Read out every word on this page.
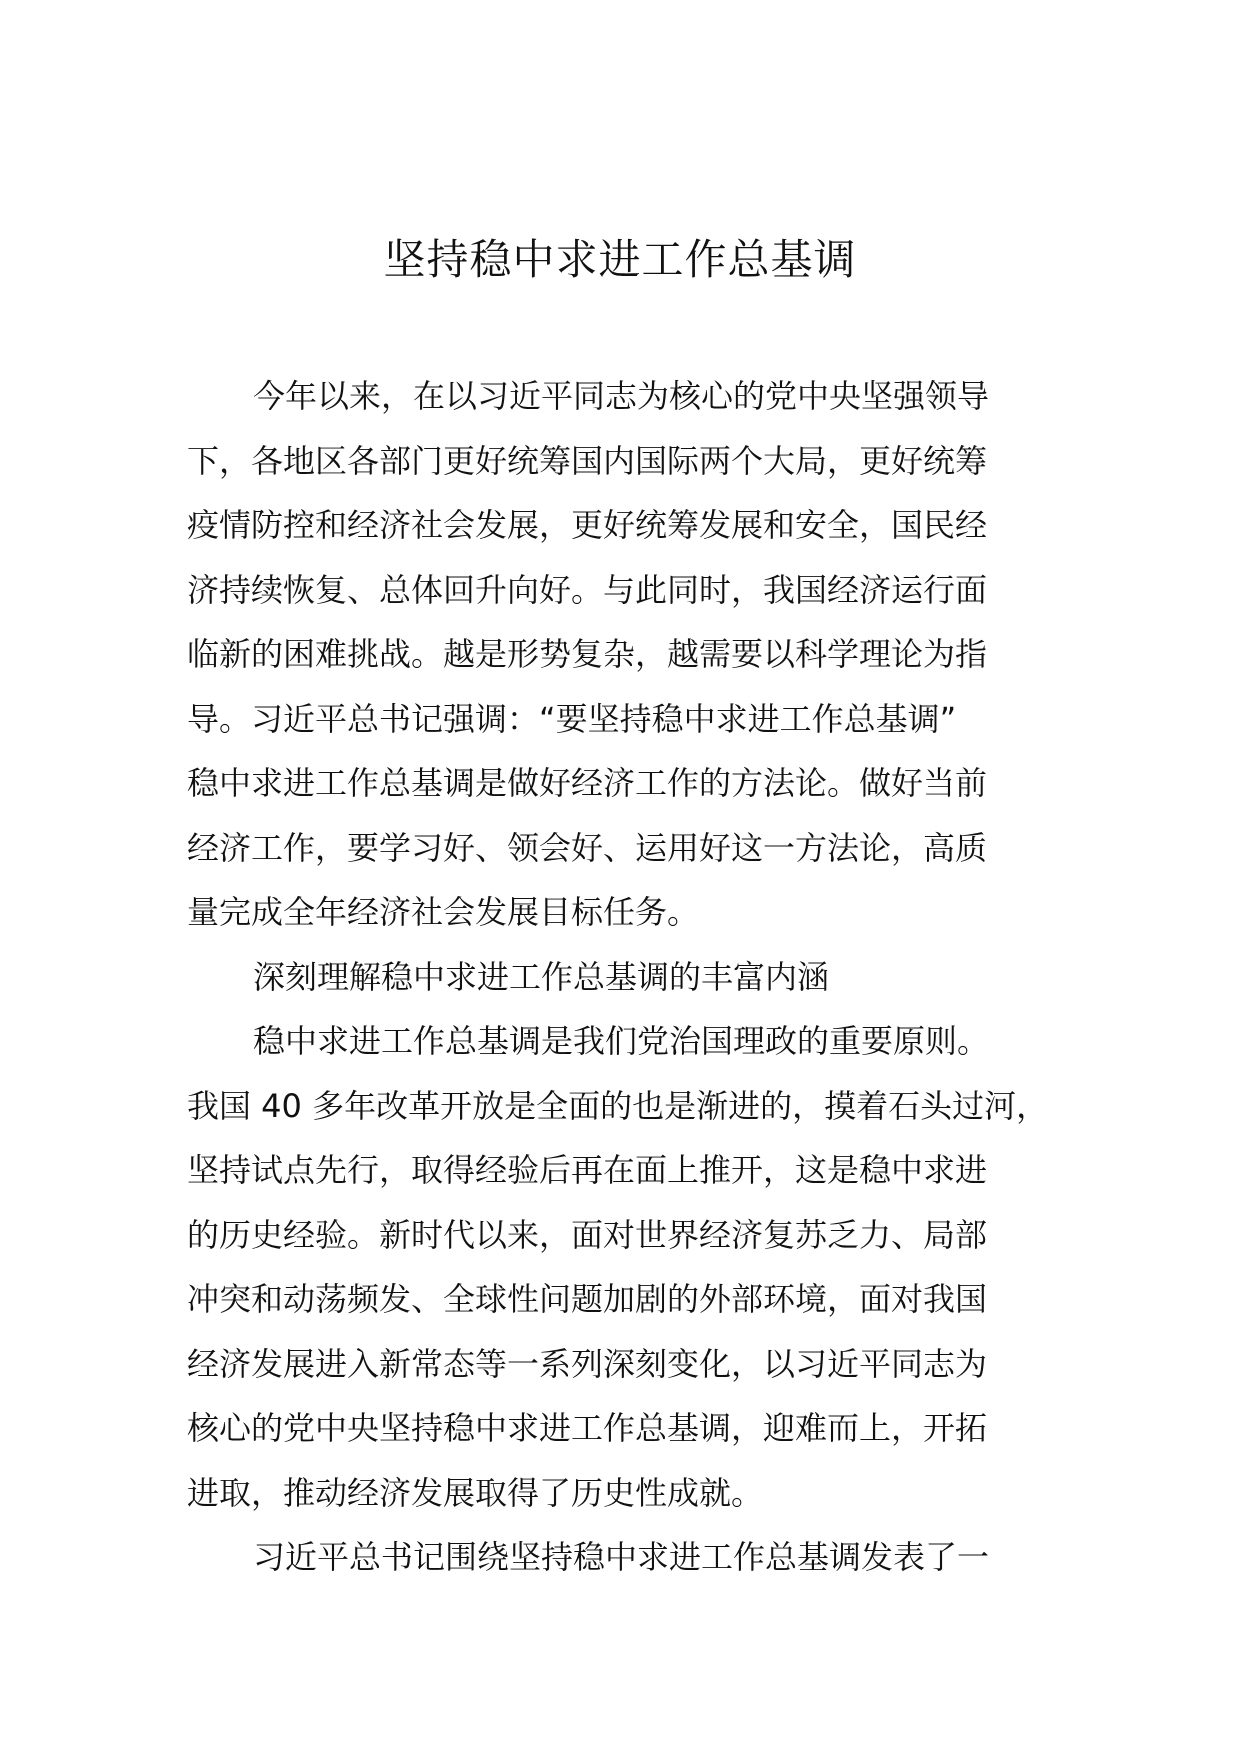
坚持稳中求进工作总基调
今年以来，在以习近平同志为核心的党中央坚强领导
下，各地区各部门更好统筹国内国际两个大局，更好统筹
疫情防控和经济社会发展，更好统筹发展和安全，国民经
济持续恢复、总体回升向好。与此同时，我国经济运行面
临新的困难挑战。越是形势复杂，越需要以科学理论为指
导。习近平总书记强调：“要坚持稳中求进工作总基调”
稳中求进工作总基调是做好经济工作的方法论。做好当前
经济工作，要学习好、领会好、运用好这一方法论，高质
量完成全年经济社会发展目标任务。
深刻理解稳中求进工作总基调的丰富内涵
稳中求进工作总基调是我们党治国理政的重要原则。
我国 40 多年改革开放是全面的也是渐进的，摸着石头过河，
坚持试点先行，取得经验后再在面上推开，这是稳中求进
的历史经验。新时代以来，面对世界经济复苏乏力、局部
冲突和动荡频发、全球性问题加剧的外部环境，面对我国
经济发展进入新常态等一系列深刻变化，以习近平同志为
核心的党中央坚持稳中求进工作总基调，迎难而上，开拓
进取，推动经济发展取得了历史性成就。
习近平总书记围绕坚持稳中求进工作总基调发表了一
